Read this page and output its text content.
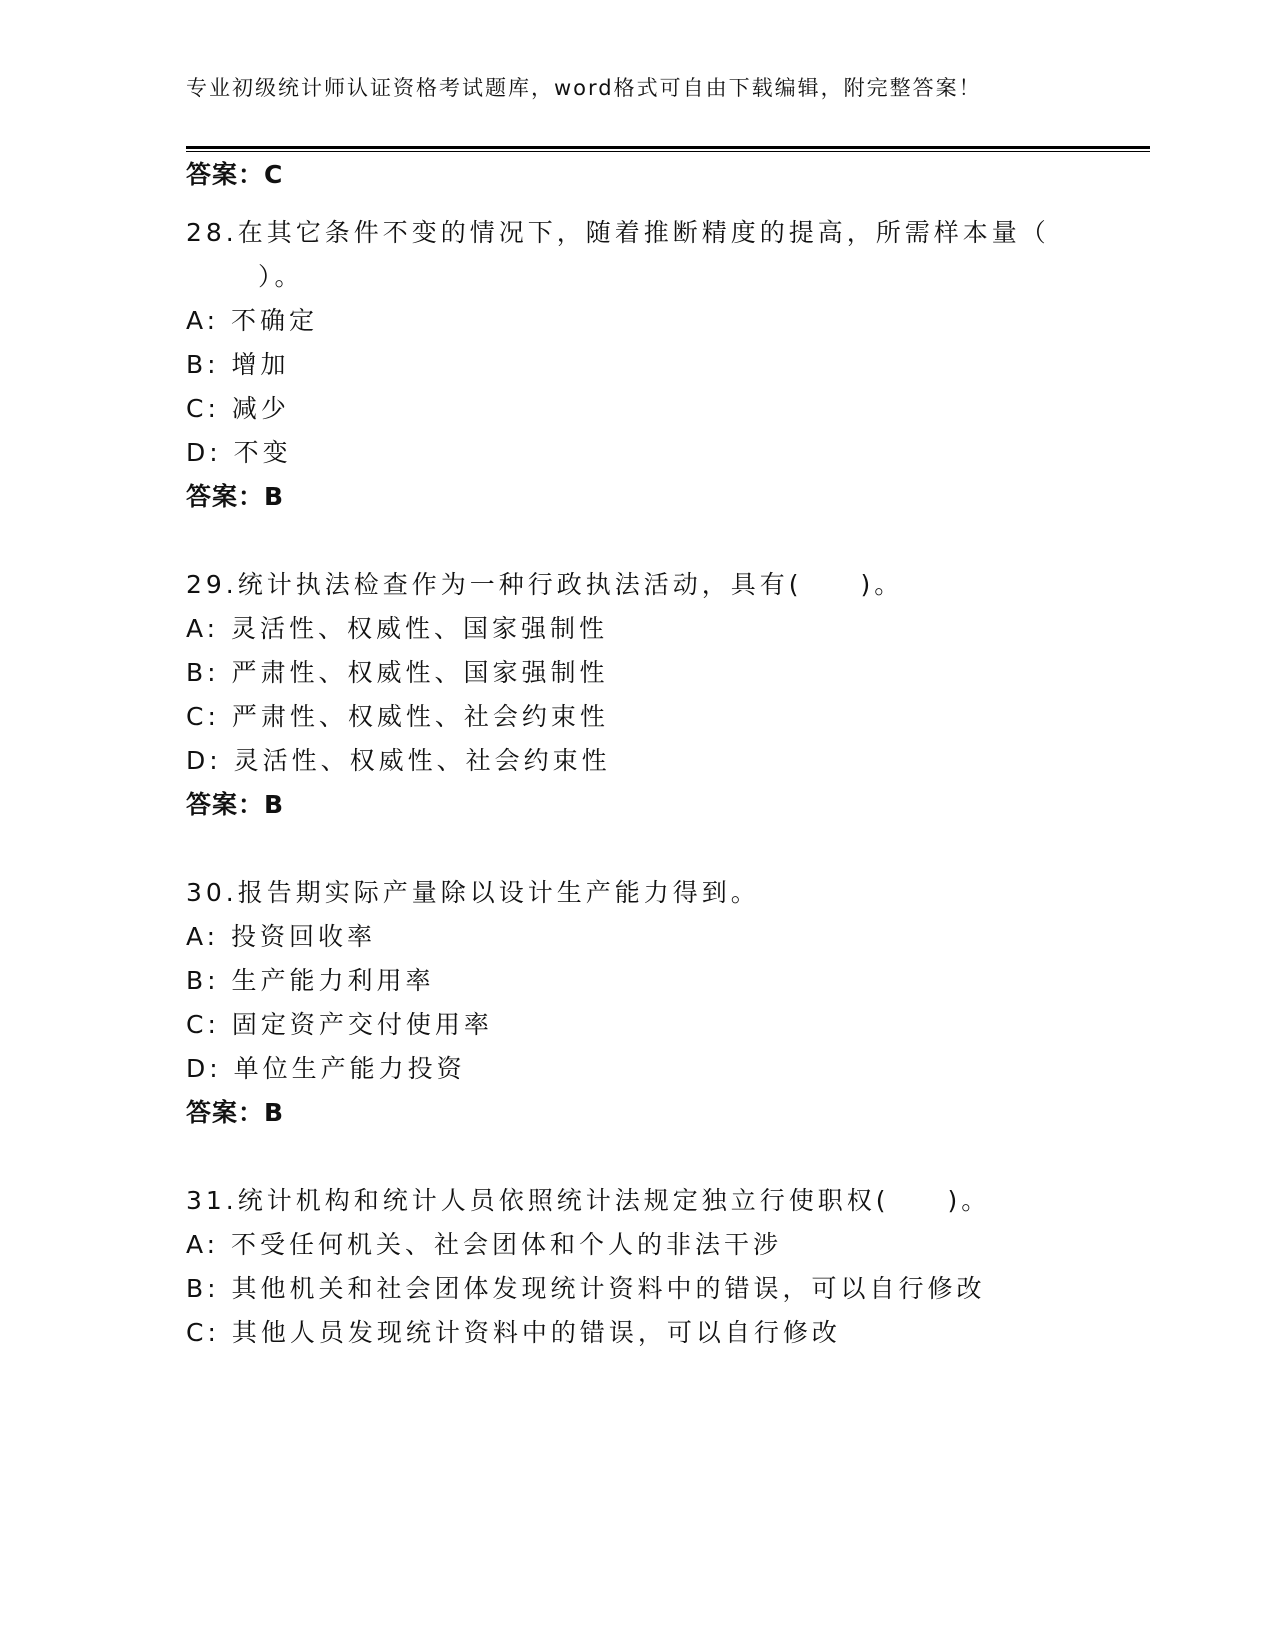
专业初级统计师认证资格考试题库，word格式可自由下载编辑，附完整答案！
答案：C
28.在其它条件不变的情况下，随着推断精度的提高，所需样本量（
）。
A: 不确定
B: 增加
C: 减少
D: 不变
答案：B
29.统计执法检查作为一种行政执法活动，具有(　　)。
A: 灵活性、权威性、国家强制性
B: 严肃性、权威性、国家强制性
C: 严肃性、权威性、社会约束性
D: 灵活性、权威性、社会约束性
答案：B
30.报告期实际产量除以设计生产能力得到。
A: 投资回收率
B: 生产能力利用率
C: 固定资产交付使用率
D: 单位生产能力投资
答案：B
31.统计机构和统计人员依照统计法规定独立行使职权(　　)。
A: 不受任何机关、社会团体和个人的非法干涉
B: 其他机关和社会团体发现统计资料中的错误，可以自行修改
C: 其他人员发现统计资料中的错误，可以自行修改
